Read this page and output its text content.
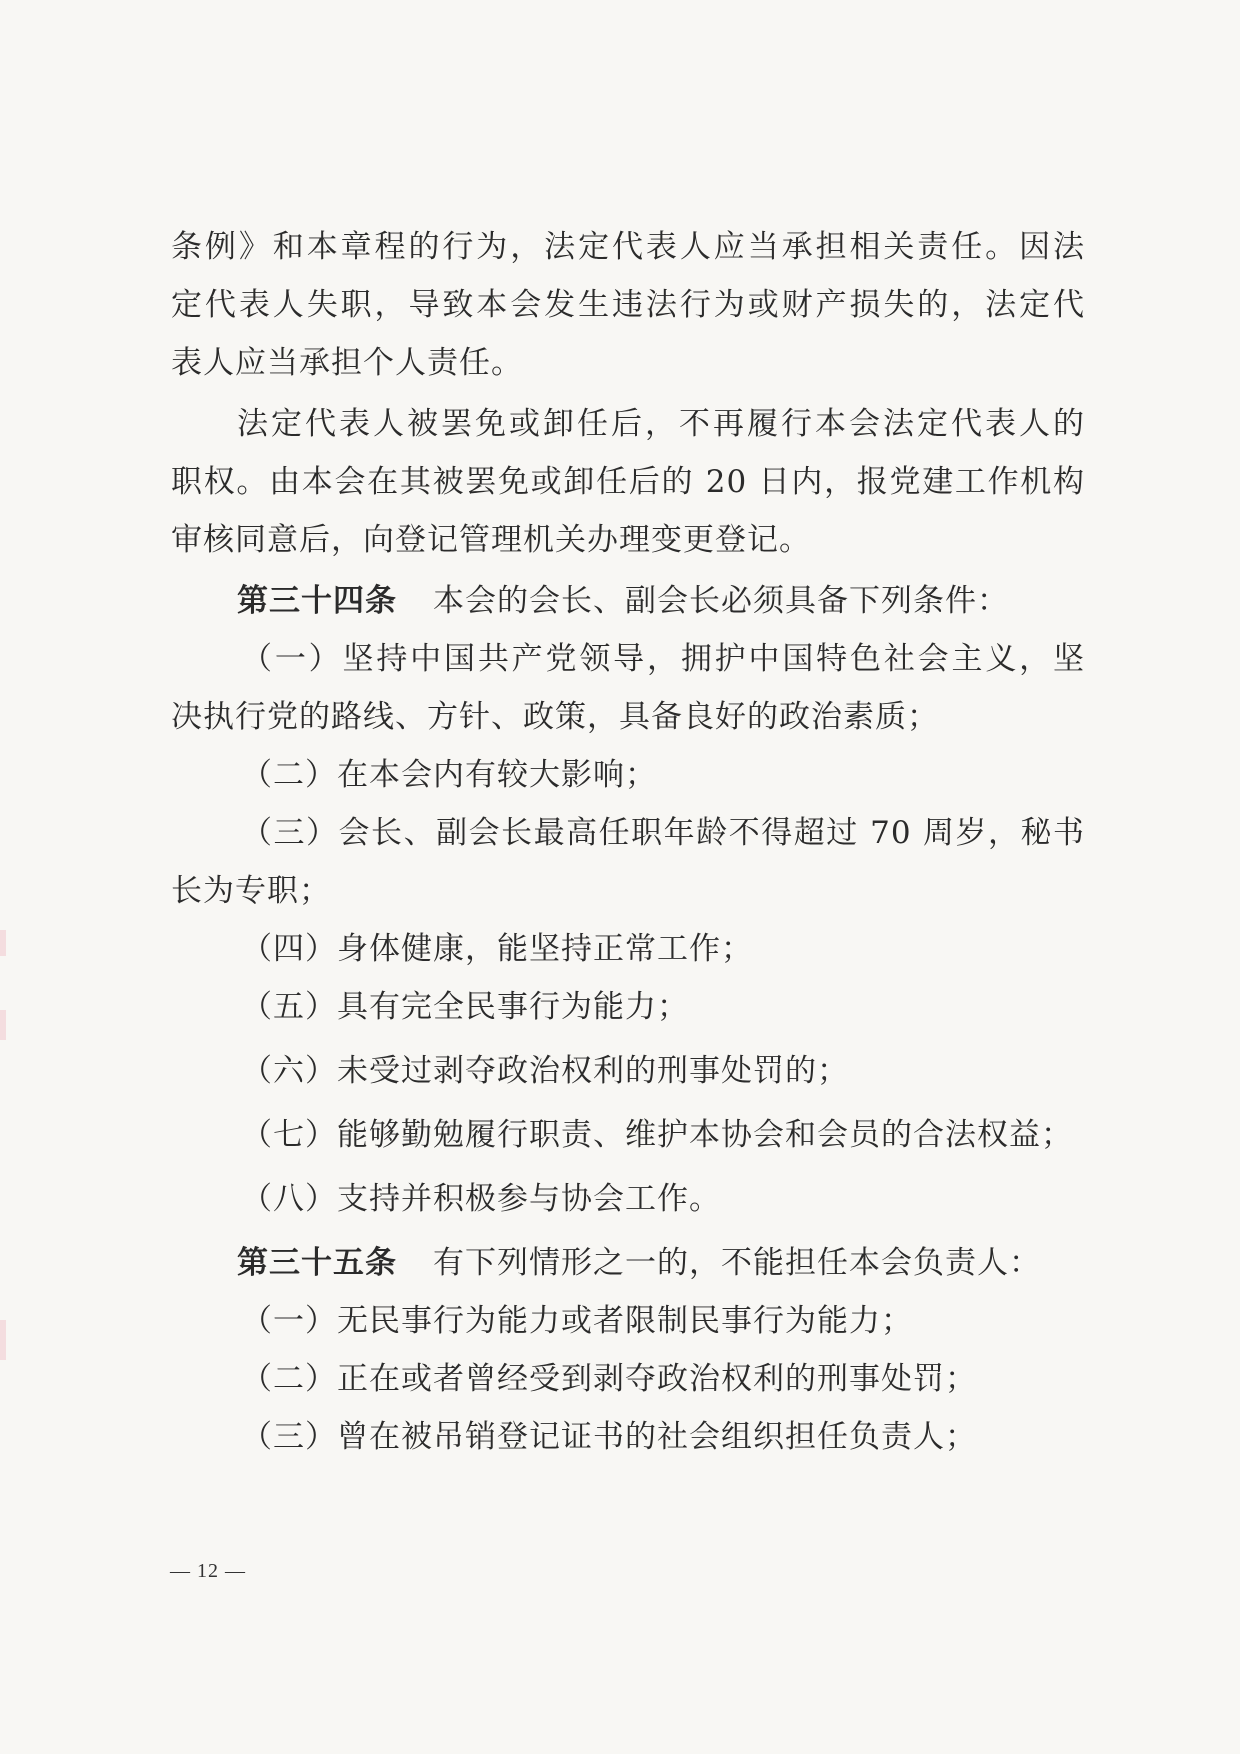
条例》和本章程的行为，法定代表人应当承担相关责任。因法
定代表人失职，导致本会发生违法行为或财产损失的，法定代
表人应当承担个人责任。
法定代表人被罢免或卸任后，不再履行本会法定代表人的
职权。由本会在其被罢免或卸任后的 20 日内，报党建工作机构
审核同意后，向登记管理机关办理变更登记。
第三十四条 本会的会长、副会长必须具备下列条件：
（一）坚持中国共产党领导，拥护中国特色社会主义，坚
决执行党的路线、方针、政策，具备良好的政治素质；
（二）在本会内有较大影响；
（三）会长、副会长最高任职年龄不得超过 70 周岁，秘书
长为专职；
（四）身体健康，能坚持正常工作；
（五）具有完全民事行为能力；
（六）未受过剥夺政治权利的刑事处罚的；
（七）能够勤勉履行职责、维护本协会和会员的合法权益；
（八）支持并积极参与协会工作。
第三十五条 有下列情形之一的，不能担任本会负责人：
（一）无民事行为能力或者限制民事行为能力；
（二）正在或者曾经受到剥夺政治权利的刑事处罚；
（三）曾在被吊销登记证书的社会组织担任负责人；
— 12 —
